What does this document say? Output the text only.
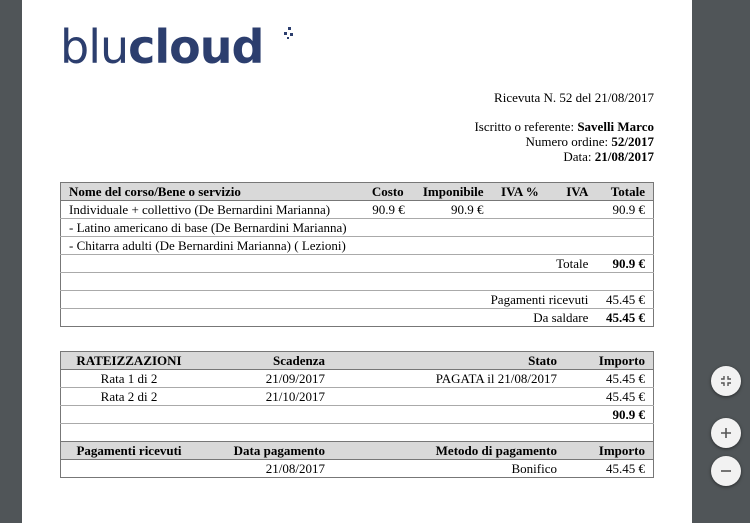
blucloud
Ricevuta N. 52 del 21/08/2017
Iscritto o referente: Savelli Marco
Numero ordine: 52/2017
Data: 21/08/2017
Nome del corso/Bene o servizio	Costo	Imponibile	IVA %	IVA	Totale
Individuale + collettivo (De Bernardini Marianna)	90.9 €	90.9 €			90.9 €
- Latino americano di base (De Bernardini Marianna)					
- Chitarra adulti (De Bernardini Marianna) ( Lezioni)					
				Totale	90.9 €

	Pagamenti ricevuti				45.45 €
	Da saldare				45.45 €
RATEIZZAZIONI	Scadenza	Stato	Importo
Rata 1 di 2	21/09/2017	PAGATA il 21/08/2017	45.45 €
Rata 2 di 2	21/10/2017		45.45 €
			90.9 €

Pagamenti ricevuti	Data pagamento	Metodo di pagamento	Importo
	21/08/2017	Bonifico	45.45 €
